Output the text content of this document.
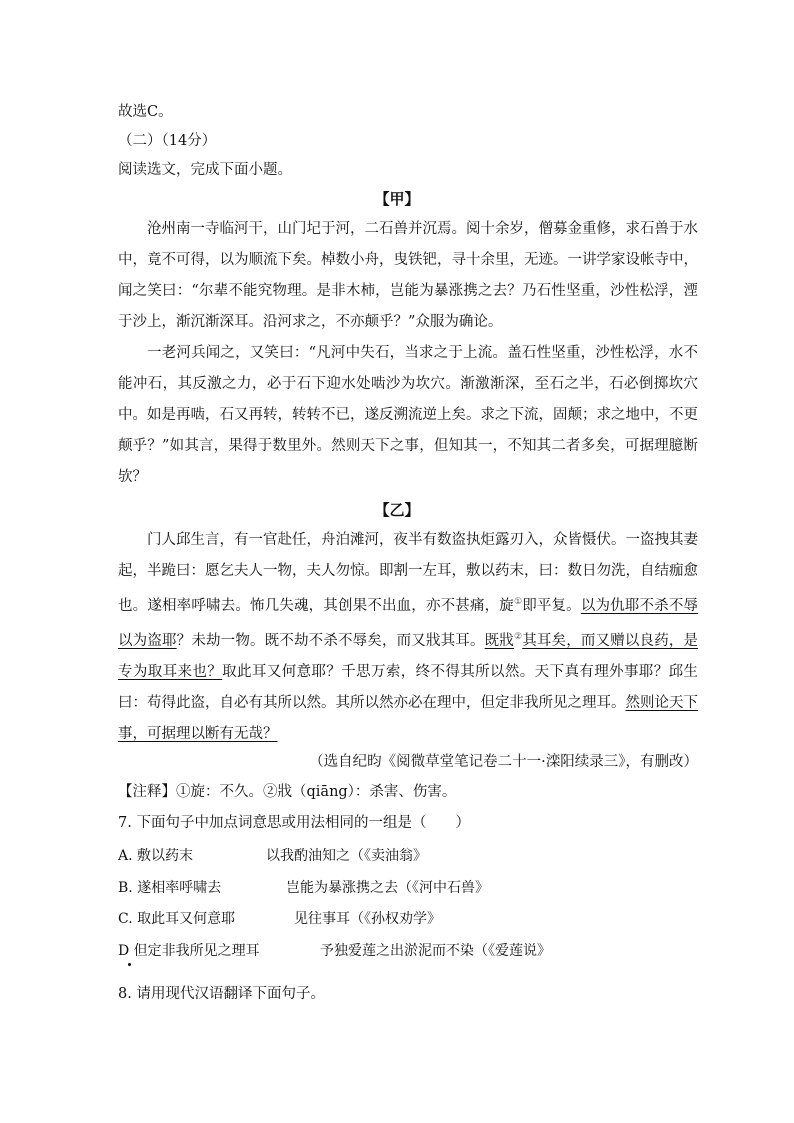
故选C。
（二）（14分）
阅读选文，完成下面小题。
【甲】

沧州南一寺临河干，山门圮于河，二石兽并沉焉。阅十余岁，僧募金重修，求石兽于水中，竟不可得，以为顺流下矣。棹数小舟，曳铁钯，寻十余里，无迹。一讲学家设帐寺中，闻之笑曰：“尔辈不能究物理。是非木柿，岂能为暴涨携之去？乃石性坚重，沙性松浮，湮于沙上，渐沉渐深耳。沿河求之，不亦颠乎？”众服为确论。

一老河兵闻之，又笑曰：“凡河中失石，当求之于上流。盖石性坚重，沙性松浮，水不能冲石，其反激之力，必于石下迎水处啮沙为坎穴。渐激渐深，至石之半，石必倒掷坎穴中。如是再啮，石又再转，转转不已，遂反溯流逆上矣。求之下流，固颠；求之地中，不更颠乎？”如其言，果得于数里外。然则天下之事，但知其一，不知其二者多矣，可据理臆断欤？

【乙】

门人邱生言，有一官赴任，舟泊滩河，夜半有数盗执炬露刃入，众皆慑伏。一盗拽其妻起，半跪曰：愿乞夫人一物，夫人勿惊。即割一左耳，敷以药末，曰：数日勿洗，自结痂愈也。遂相率呼啸去。怖几失魂，其创果不出血，亦不甚痛，旋①即平复。以为仇耶不杀不辱以为盗耶？未劫一物。既不劫不杀不辱矣，而又戕其耳。既戕②其耳矣，而又赠以良药，是专为取耳来也？取此耳又何意耶？千思万索，终不得其所以然。天下真有理外事耶？邱生曰：苟得此盗，自必有其所以然。其所以然亦必在理中，但定非我所见之理耳。然则论天下事，可据理以断有无哉？

（选自纪昀《阅微草堂笔记卷二十一·滦阳续录三》，有删改）
【注释】①旋：不久。②戕（qiāng）：杀害、伤害。
7. 下面句子中加点词意思或用法相同的一组是（　　）
A. 敷以药末	以我酌油知之（《卖油翁》
B. 遂相率呼啸去	岂能为暴涨携之去（《河中石兽》
C. 取此耳又何意耶	见往事耳（《孙权劝学》
D 但定非我所见之理耳	予独爱莲之出淤泥而不染（《爱莲说》
8. 请用现代汉语翻译下面句子。
